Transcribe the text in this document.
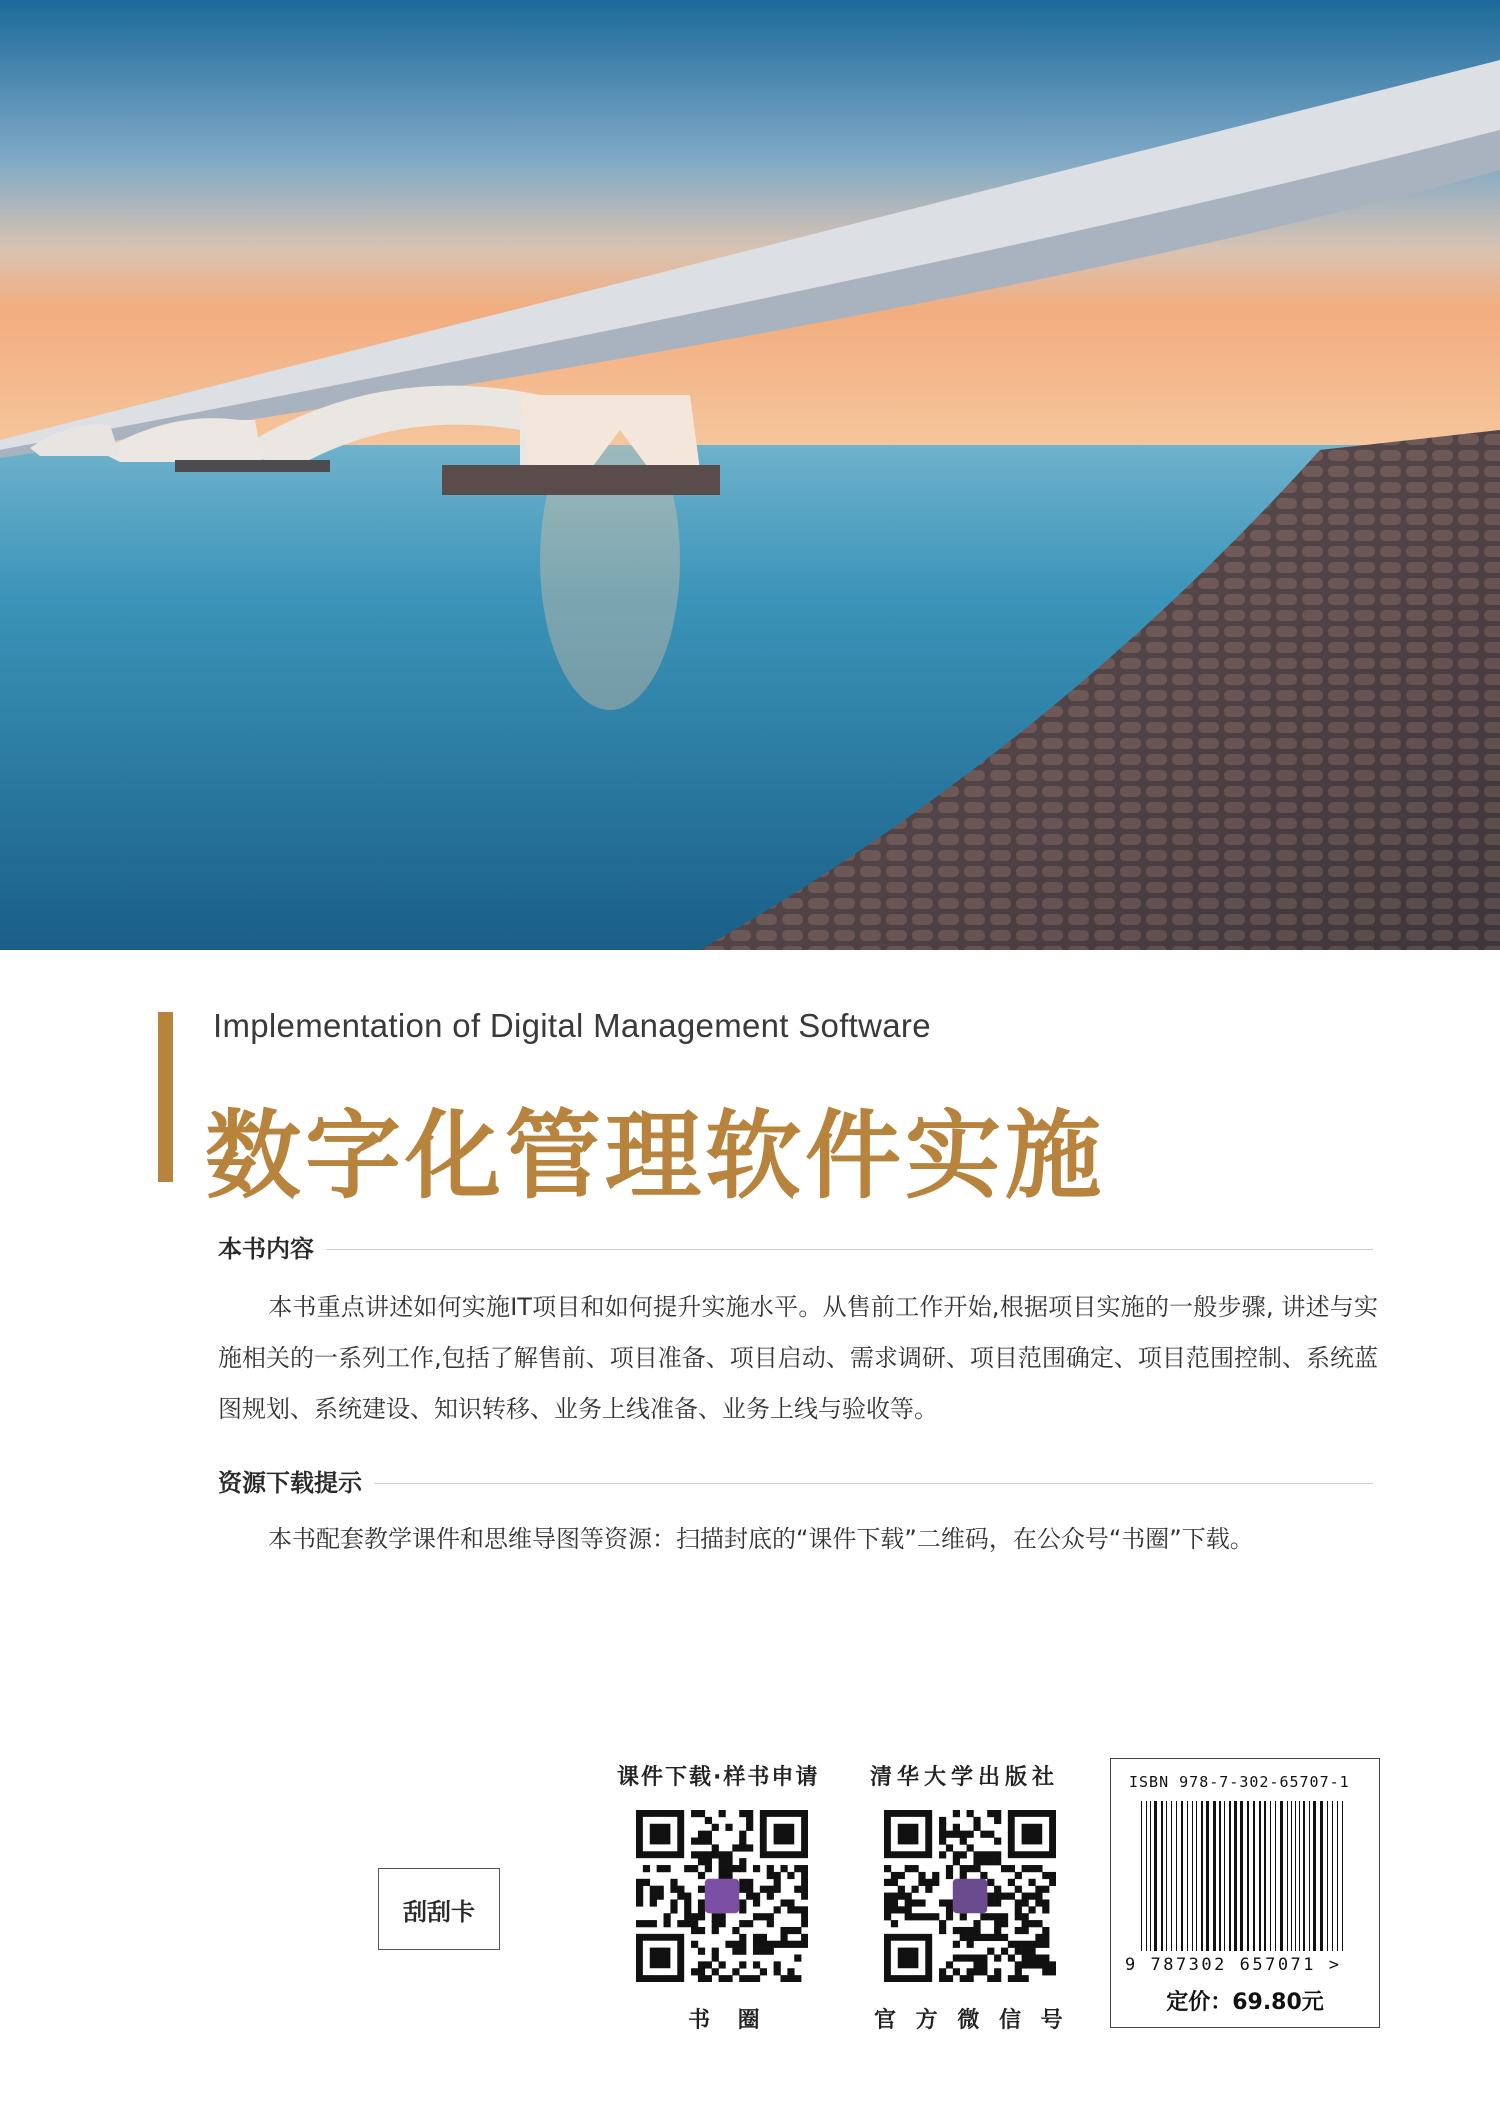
Implementation of Digital Management Software
数字化管理软件实施
本书内容
本书重点讲述如何实施IT项目和如何提升实施水平。从售前工作开始,根据项目实施的一般步骤, 讲述与实施相关的一系列工作,包括了解售前、项目准备、项目启动、需求调研、项目范围确定、项目范围控制、系统蓝图规划、系统建设、知识转移、业务上线准备、业务上线与验收等。
资源下载提示
本书配套教学课件和思维导图等资源：扫描封底的“课件下载”二维码，在公众号“书圈”下载。
刮刮卡
课件下载·样书申请
书 圈
清华大学出版社
官 方 微 信 号
ISBN 978-7-302-65707-1
9 787302 657071 >
定价：69.80元
